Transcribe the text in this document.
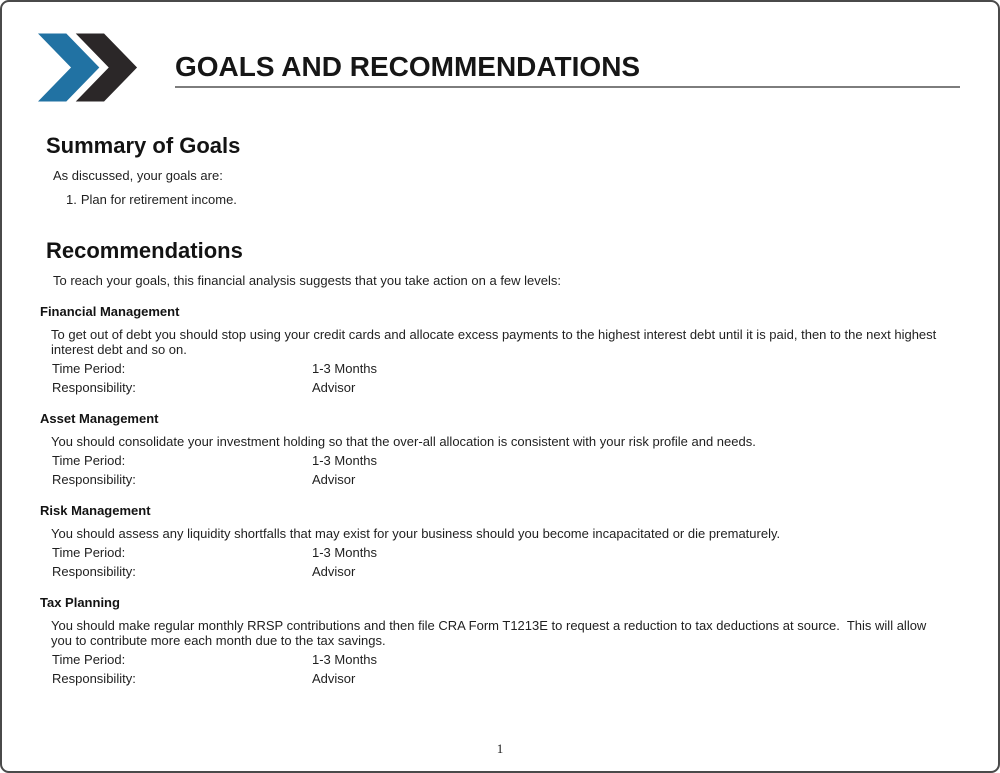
GOALS AND RECOMMENDATIONS
Summary of Goals
As discussed, your goals are:
1. Plan for retirement income.
Recommendations
To reach your goals, this financial analysis suggests that you take action on a few levels:
Financial Management
To get out of debt you should stop using your credit cards and allocate excess payments to the highest interest debt until it is paid, then to the next highest interest debt and so on.
Time Period:	1-3 Months
Responsibility:	Advisor
Asset Management
You should consolidate your investment holding so that the over-all allocation is consistent with your risk profile and needs.
Time Period:	1-3 Months
Responsibility:	Advisor
Risk Management
You should assess any liquidity shortfalls that may exist for your business should you become incapacitated or die prematurely.
Time Period:	1-3 Months
Responsibility:	Advisor
Tax Planning
You should make regular monthly RRSP contributions and then file CRA Form T1213E to request a reduction to tax deductions at source.  This will allow you to contribute more each month due to the tax savings.
Time Period:	1-3 Months
Responsibility:	Advisor
1
